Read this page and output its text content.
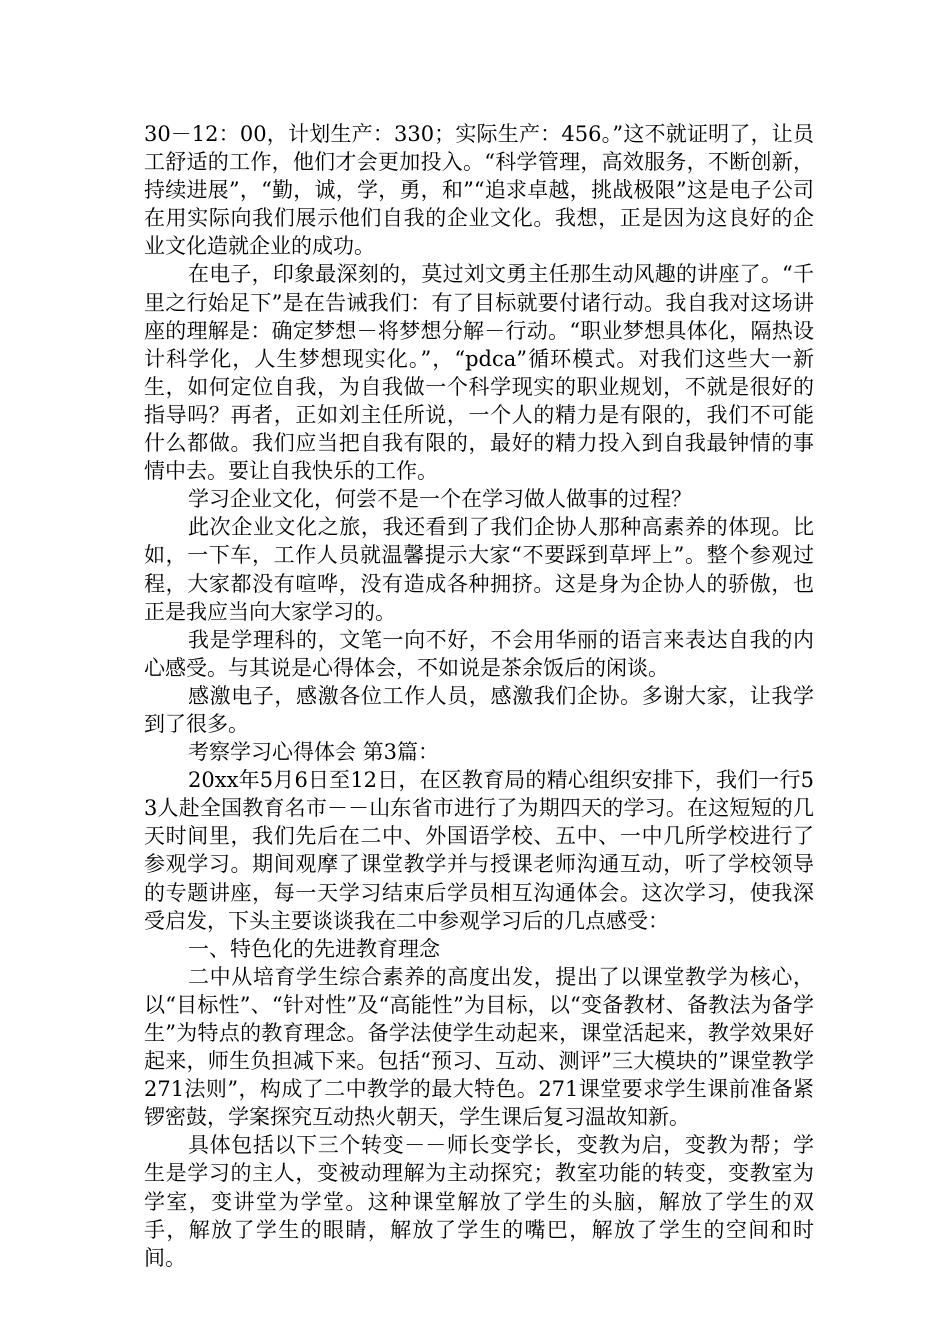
30－12：00，计划生产：330；实际生产：456。”这不就证明了，让员工舒适的工作，他们才会更加投入。“科学管理，高效服务，不断创新，持续进展”，“勤，诚，学，勇，和”“追求卓越，挑战极限”这是电子公司在用实际向我们展示他们自我的企业文化。我想，正是因为这良好的企业文化造就企业的成功。

在电子，印象最深刻的，莫过刘文勇主任那生动风趣的讲座了。“千里之行始足下”是在告诫我们：有了目标就要付诸行动。我自我对这场讲座的理解是：确定梦想－将梦想分解－行动。“职业梦想具体化，隔热设计科学化，人生梦想现实化。”，“pdca”循环模式。对我们这些大一新生，如何定位自我，为自我做一个科学现实的职业规划，不就是很好的指导吗？再者，正如刘主任所说，一个人的精力是有限的，我们不可能什么都做。我们应当把自我有限的，最好的精力投入到自我最钟情的事情中去。要让自我快乐的工作。

学习企业文化，何尝不是一个在学习做人做事的过程？

此次企业文化之旅，我还看到了我们企协人那种高素养的体现。比如，一下车，工作人员就温馨提示大家“不要踩到草坪上”。整个参观过程，大家都没有喧哗，没有造成各种拥挤。这是身为企协人的骄傲，也正是我应当向大家学习的。

我是学理科的，文笔一向不好，不会用华丽的语言来表达自我的内心感受。与其说是心得体会，不如说是茶余饭后的闲谈。

感激电子，感激各位工作人员，感激我们企协。多谢大家，让我学到了很多。

考察学习心得体会 第3篇：

20xx年5月6日至12日，在区教育局的精心组织安排下，我们一行53人赴全国教育名市－－山东省市进行了为期四天的学习。在这短短的几天时间里，我们先后在二中、外国语学校、五中、一中几所学校进行了参观学习。期间观摩了课堂教学并与授课老师沟通互动，听了学校领导的专题讲座，每一天学习结束后学员相互沟通体会。这次学习，使我深受启发，下头主要谈谈我在二中参观学习后的几点感受：

一、特色化的先进教育理念

二中从培育学生综合素养的高度出发，提出了以课堂教学为核心，以“目标性”、“针对性”及“高能性”为目标，以“变备教材、备教法为备学生”为特点的教育理念。备学法使学生动起来，课堂活起来，教学效果好起来，师生负担减下来。包括“预习、互动、测评”三大模块的”课堂教学271法则”，构成了二中教学的最大特色。271课堂要求学生课前准备紧锣密鼓，学案探究互动热火朝天，学生课后复习温故知新。

具体包括以下三个转变－－师长变学长，变教为启，变教为帮；学生是学习的主人，变被动理解为主动探究；教室功能的转变，变教室为学室，变讲堂为学堂。这种课堂解放了学生的头脑，解放了学生的双手，解放了学生的眼睛，解放了学生的嘴巴，解放了学生的空间和时间。
